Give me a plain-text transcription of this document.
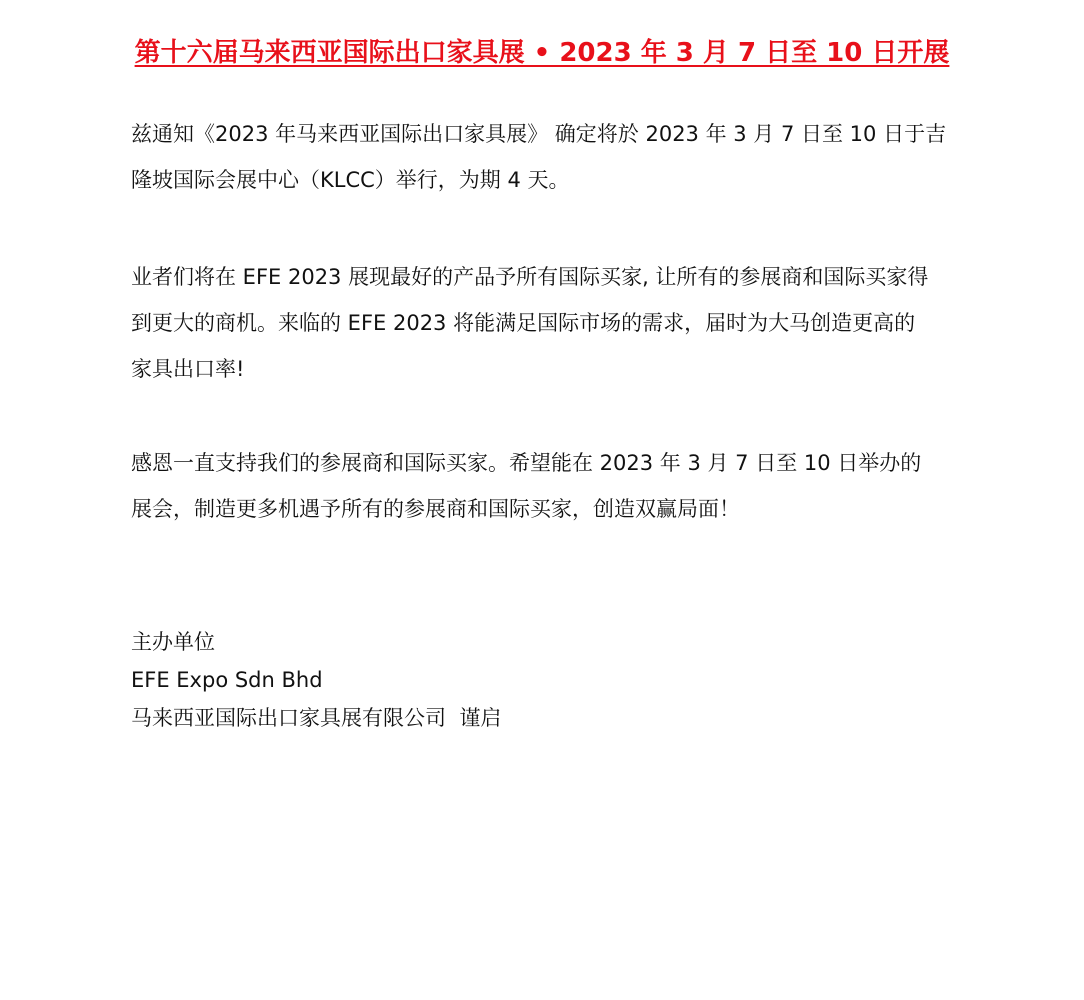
第十六届马来西亚国际出口家具展 • 2023 年 3 月 7 日至 10 日开展
兹通知《2023 年马来西亚国际出口家具展》 确定将於 2023 年 3 月 7 日至 10 日于吉
隆坡国际会展中心（KLCC）举行，为期 4 天。
业者们将在 EFE 2023 展现最好的产品予所有国际买家, 让所有的参展商和国际买家得
到更大的商机。来临的 EFE 2023 将能满足国际市场的需求，届时为大马创造更高的
家具出口率!
感恩一直支持我们的参展商和国际买家。希望能在 2023 年 3 月 7 日至 10 日举办的
展会，制造更多机遇予所有的参展商和国际买家，创造双赢局面！
主办单位
EFE Expo Sdn Bhd
马来西亚国际出口家具展有限公司  谨启
